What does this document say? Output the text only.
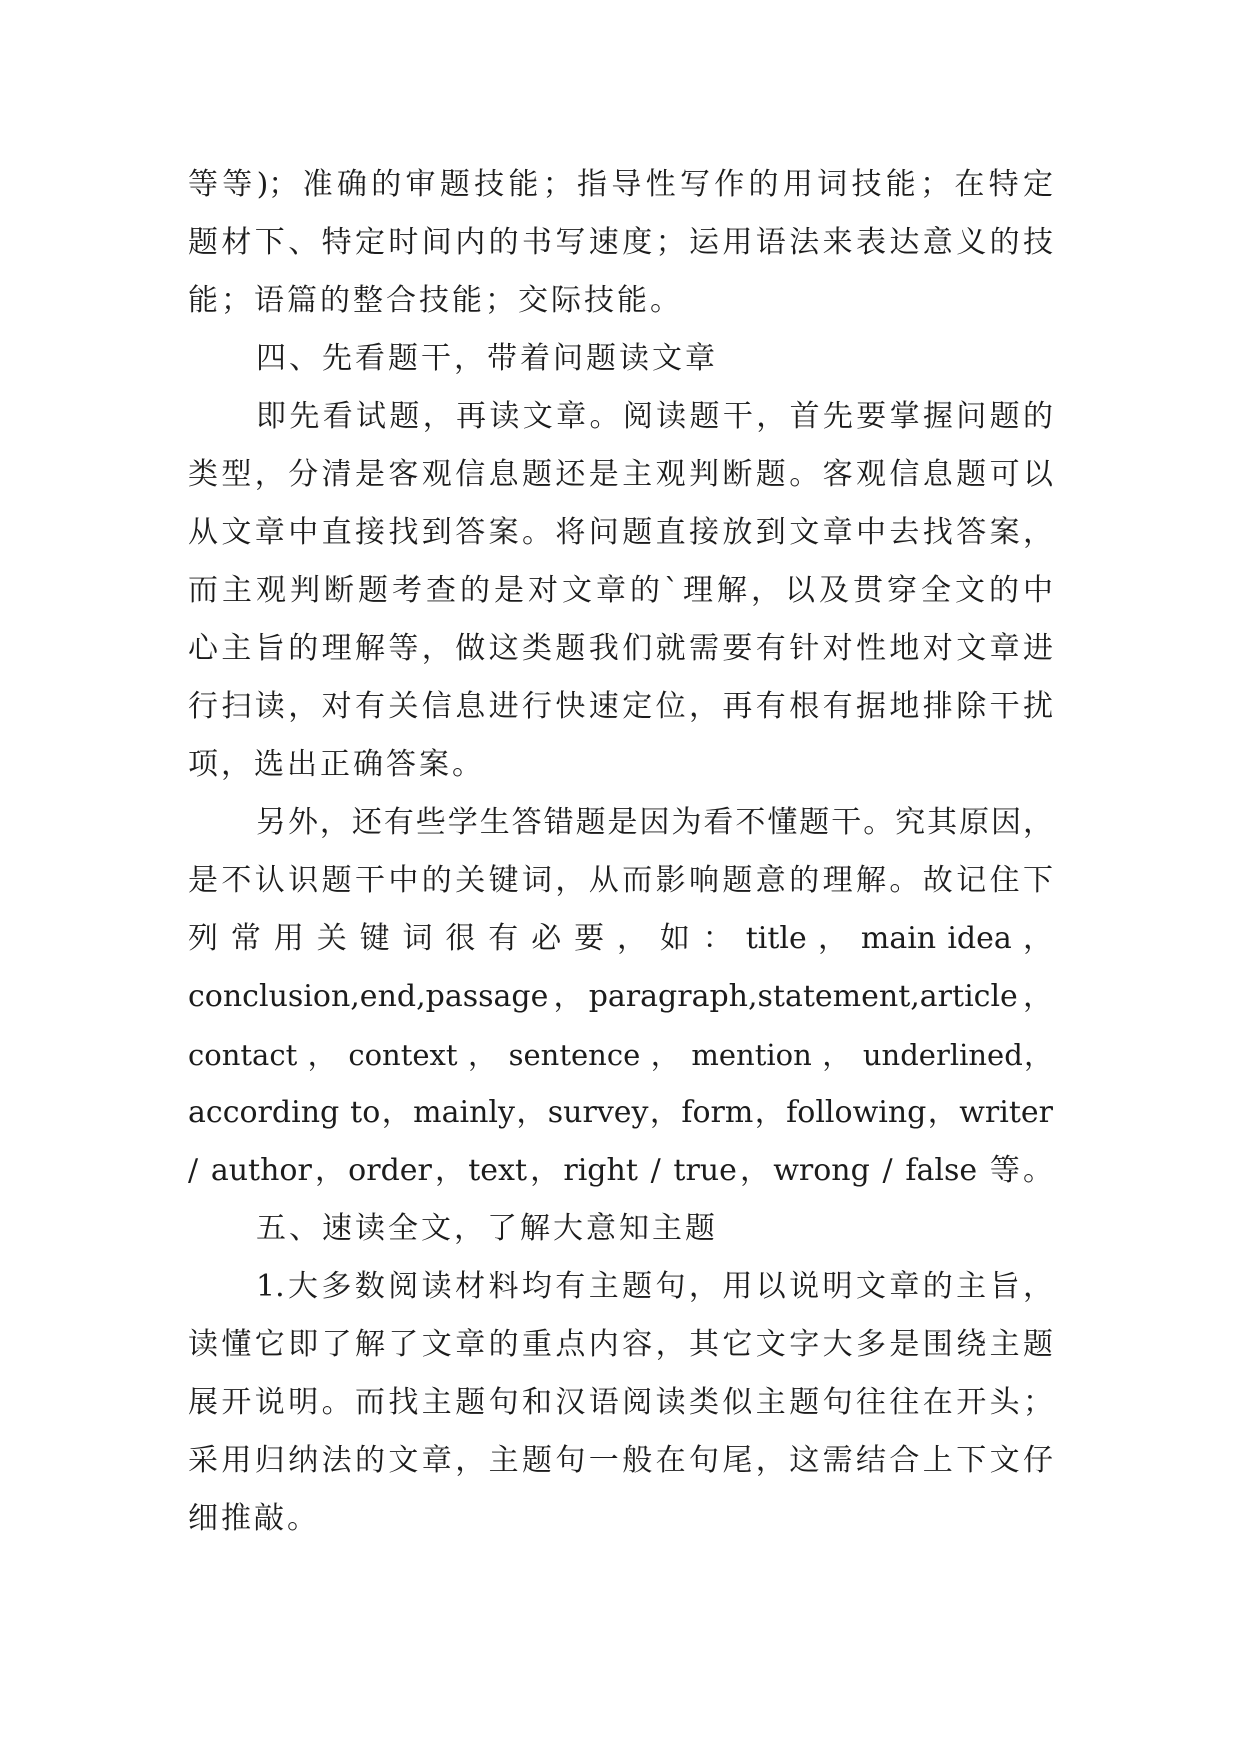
等等)；准确的审题技能；指导性写作的用词技能；在特定
题材下、特定时间内的书写速度；运用语法来表达意义的技
能；语篇的整合技能；交际技能。
四、先看题干，带着问题读文章
即先看试题，再读文章。阅读题干，首先要掌握问题的
类型，分清是客观信息题还是主观判断题。客观信息题可以
从文章中直接找到答案。将问题直接放到文章中去找答案，
而主观判断题考查的是对文章的`理解，以及贯穿全文的中
心主旨的理解等，做这类题我们就需要有针对性地对文章进
行扫读，对有关信息进行快速定位，再有根有据地排除干扰
项，选出正确答案。
另外，还有些学生答错题是因为看不懂题干。究其原因，
是不认识题干中的关键词，从而影响题意的理解。故记住下
列 常 用 关 键 词 很 有 必 要 ， 如 ： title ， main idea ，
conclusion,end,passage，paragraph,statement,article，
contact ， context ， sentence ， mention ， underlined，
according to，mainly，survey，form，following，writer
/ author，order，text，right / true，wrong / false 等。
五、速读全文，了解大意知主题
1.大多数阅读材料均有主题句，用以说明文章的主旨，
读懂它即了解了文章的重点内容，其它文字大多是围绕主题
展开说明。而找主题句和汉语阅读类似主题句往往在开头；
采用归纳法的文章，主题句一般在句尾，这需结合上下文仔
细推敲。
